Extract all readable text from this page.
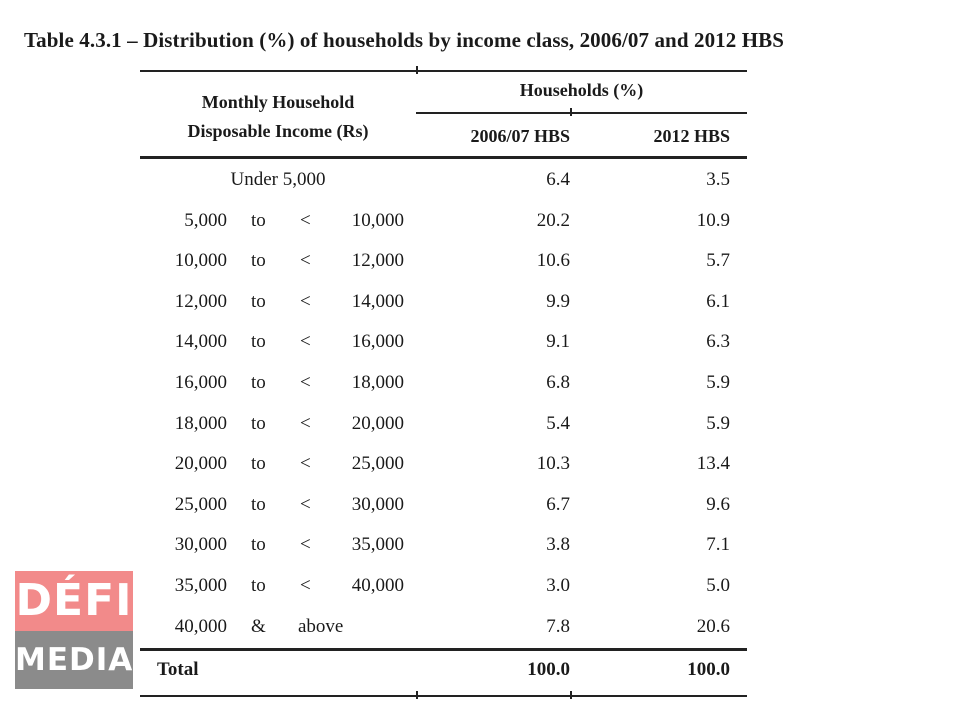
Table 4.3.1 – Distribution (%) of households by income class, 2006/07 and 2012 HBS
Monthly Household
Disposable Income (Rs)
Households (%)
2006/07 HBS	2012 HBS
Under 5,000	6.4	3.5
5,000 to <	10,000	20.2	10.9
10,000 to <	12,000	10.6	5.7
12,000 to <	14,000	9.9	6.1
14,000 to <	16,000	9.1	6.3
16,000 to <	18,000	6.8	5.9
18,000 to <	20,000	5.4	5.9
20,000 to <	25,000	10.3	13.4
25,000 to <	30,000	6.7	9.6
30,000 to <	35,000	3.8	7.1
35,000 to <	40,000	3.0	5.0
40,000 & above	7.8	20.6
Total	100.0	100.0
DÉFI
MEDIA
